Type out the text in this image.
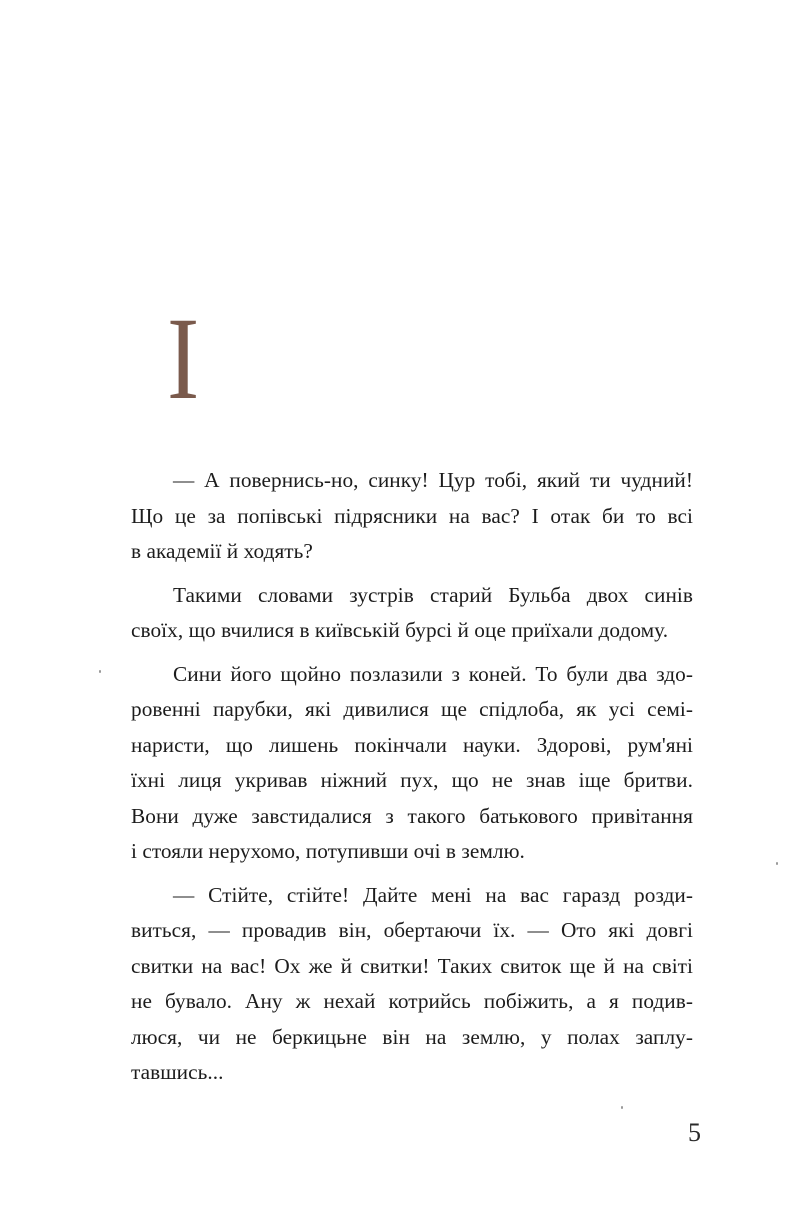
I

— А повернись-но, синку! Цур тобі, який ти чудний!
Що це за попівські підрясники на вас? І отак би то всі
в академії й ходять?

Такими словами зустрів старий Бульба двох синів
своїх, що вчилися в київській бурсі й оце приїхали додому.

Сини його щойно позлазили з коней. То були два здо-
ровенні парубки, які дивилися ще спідлоба, як усі семі-
наристи, що лишень покінчали науки. Здорові, рум'яні
їхні лиця укривав ніжний пух, що не знав іще бритви.
Вони дуже завстидалися з такого батькового привітання
і стояли нерухомо, потупивши очі в землю.

— Стійте, стійте! Дайте мені на вас гаразд розди-
виться, — провадив він, обертаючи їх. — Ото які довгі
свитки на вас! Ох же й свитки! Таких свиток ще й на світі
не бувало. Ану ж нехай котрийсь побіжить, а я подив-
люся, чи не беркицьне він на землю, у полах заплу-
тавшись...

5
